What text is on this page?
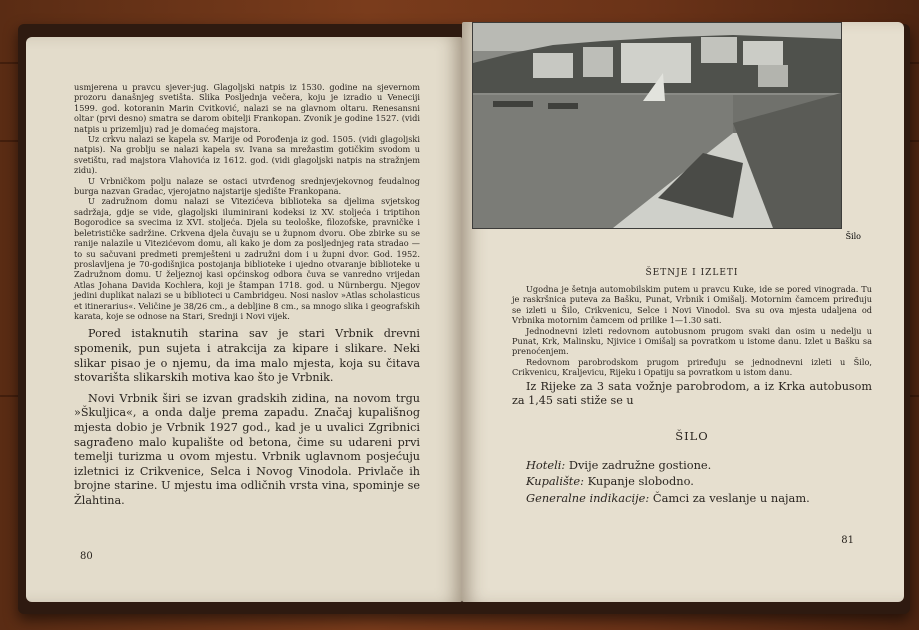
usmjerena u pravcu sjever-jug. Glagoljski natpis iz 1530. godine na sjevernom prozoru današnjeg svetišta. Slika Posljednja večera, koju je izradio u Veneciji 1599. god. kotoranin Marin Cvitković, nalazi se na glavnom oltaru. Renesansni oltar (prvi desno) smatra se darom obitelji Frankopan. Zvonik je godine 1527. (vidi natpis u prizemlju) rad je domaćeg majstora.

Uz crkvu nalazi se kapela sv. Marije od Porođenja iz god. 1505. (vidi glagoljski natpis). Na groblju se nalazi kapela sv. Ivana sa mrežastim gotičkim svodom u svetištu, rad majstora Vlahovića iz 1612. god. (vidi glagoljski natpis na stražnjem zidu).

U Vrbničkom polju nalaze se ostaci utvrđenog srednjevjekovnog feudalnog burga nazvan Gradac, vjerojatno najstarije sjedište Frankopana.

U zadružnom domu nalazi se Vitezićeva biblioteka sa djelima svjetskog sadržaja, gdje se vide, glagoljski iluminirani kodeksi iz XV. stoljeća i triptihon Bogorodice sa svecima iz XVI. stoljeća. Djela su teološke, filozofske, pravničke i beletrističke sadržine. Crkvena djela čuvaju se u župnom dvoru. Obe zbirke su se ranije nalazile u Vitezićevom domu, ali kako je dom za posljednjeg rata stradao — to su sačuvani predmeti premješteni u zadružni dom i u župni dvor. God. 1952. proslavljena je 70-godišnjica postojanja biblioteke i ujedno otvaranje biblioteke u Zadružnom domu. U željeznoj kasi općinskog odbora čuva se vanredno vrijedan Atlas Johana Davida Kochlera, koji je štampan 1718. god. u Nürnbergu. Njegov jedini duplikat nalazi se u biblioteci u Cambridgeu. Nosi naslov »Atlas scholasticus et itinerarius«. Veličine je 38/26 cm., a debljine 8 cm., sa mnogo slika i geografskih karata, koje se odnose na Stari, Srednji i Novi vijek.

Pored istaknutih starina sav je stari Vrbnik drevni spomenik, pun sujeta i atrakcija za kipare i slikare. Neki slikar pisao je o njemu, da ima malo mjesta, koja su čitava stovarišta slikarskih motiva kao što je Vrbnik.

Novi Vrbnik širi se izvan gradskih zidina, na novom trgu »Škuljica«, a onda dalje prema zapadu. Značaj kupališnog mjesta dobio je Vrbnik 1927 god., kad je u uvalici Zgribnici sagrađeno malo kupalište od betona, čime su udareni prvi temelji turizma u ovom mjestu. Vrbnik uglavnom posjećuju izletnici iz Crikvenice, Selca i Novog Vinodola. Privlače ih brojne starine. U mjestu ima odličnih vrsta vina, spominje se Žlahtina.

80

ŠETNJE I IZLETI

Ugodna je šetnja automobilskim putem u pravcu Kuke, ide se pored vinograda. Tu je raskršnica puteva za Bašku, Punat, Vrbnik i Omišalj. Motornim čamcem priređuju se izleti u Šilo, Crikvenicu, Selce i Novi Vinodol. Sva su ova mjesta udaljena od Vrbnika motornim čamcem od prilike 1—1.30 sati.

Jednodnevni izleti redovnom autobusnom prugom svaki dan osim u nedelju u Punat, Krk, Malinsku, Njivice i Omišalj sa povratkom u istome danu. Izlet u Bašku sa prenoćenjem.

Redovnom parobrodskom prugom priređuju se jednodnevni izleti u Šilo, Crikvenicu, Kraljevicu, Rijeku i Opatiju sa povratkom u istom danu.

Iz Rijeke za 3 sata vožnje parobrodom, a iz Krka autobusom za 1,45 sati stiže se u

ŠILO

Hoteli: Dvije zadružne gostione.

Kupalište: Kupanje slobodno.

Generalne indikacije: Čamci za veslanje u najam.

81
Šilo
